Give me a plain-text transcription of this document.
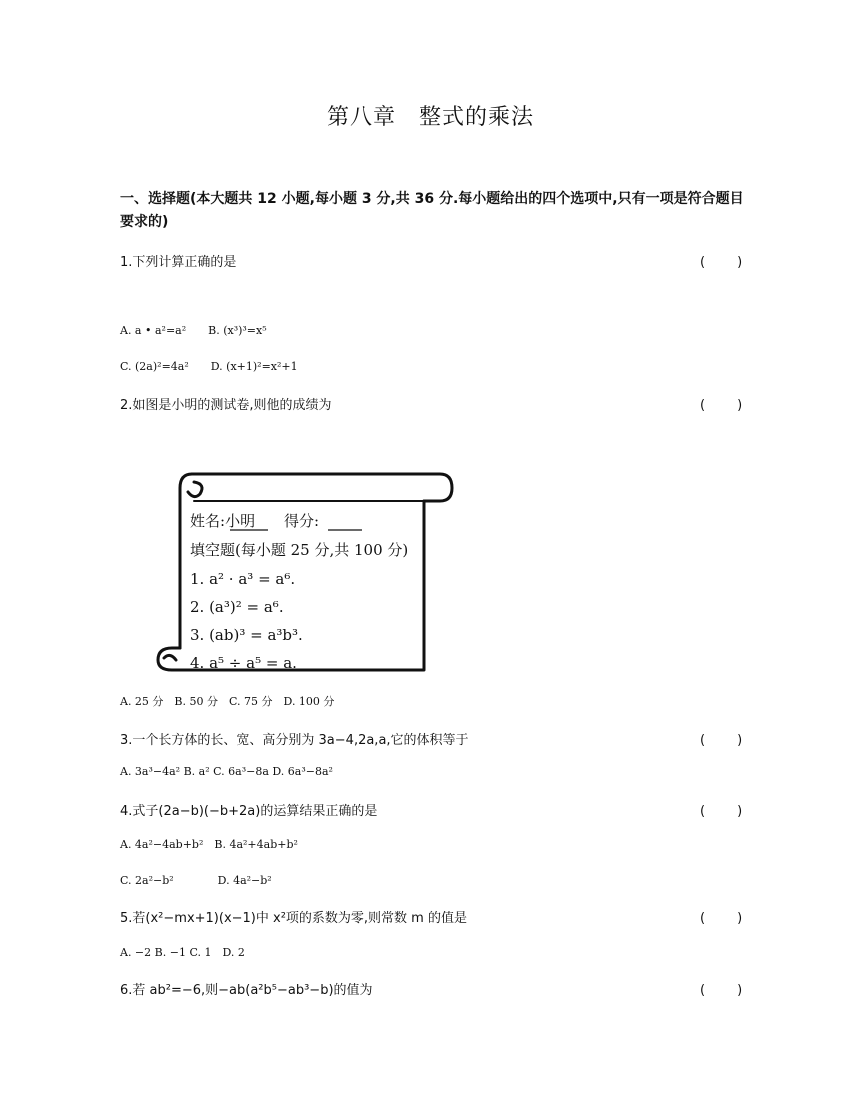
第八章　整式的乘法
一、选择题(本大题共 12 小题,每小题 3 分,共 36 分.每小题给出的四个选项中,只有一项是符合题目要求的)
1.下列计算正确的是	(　　)
A. a • a²=a²　　B. (x³)³=x⁵
C. (2a)²=4a²　　D. (x+1)²=x²+1
2.如图是小明的测试卷,则他的成绩为	(　　)
姓名:小明 得分:
填空题(每小题 25 分,共 100 分)
1. a² · a³ = a⁶.
2. (a³)² = a⁶.
3. (ab)³ = a³b³.
4. a⁵ ÷ a⁵ = a.
A. 25 分　B. 50 分　C. 75 分　D. 100 分
3.一个长方体的长、宽、高分别为 3a−4,2a,a,它的体积等于	(　　)
A. 3a³−4a² B. a² C. 6a³−8a D. 6a³−8a²
4.式子(2a−b)(−b+2a)的运算结果正确的是	(　　)
A. 4a²−4ab+b²　B. 4a²+4ab+b²
C. 2a²−b²　　　　D. 4a²−b²
5.若(x²−mx+1)(x−1)中 x²项的系数为零,则常数 m 的值是	(　　)
A. −2 B. −1 C. 1　D. 2
6.若 ab²=−6,则−ab(a²b⁵−ab³−b)的值为	(　　)
